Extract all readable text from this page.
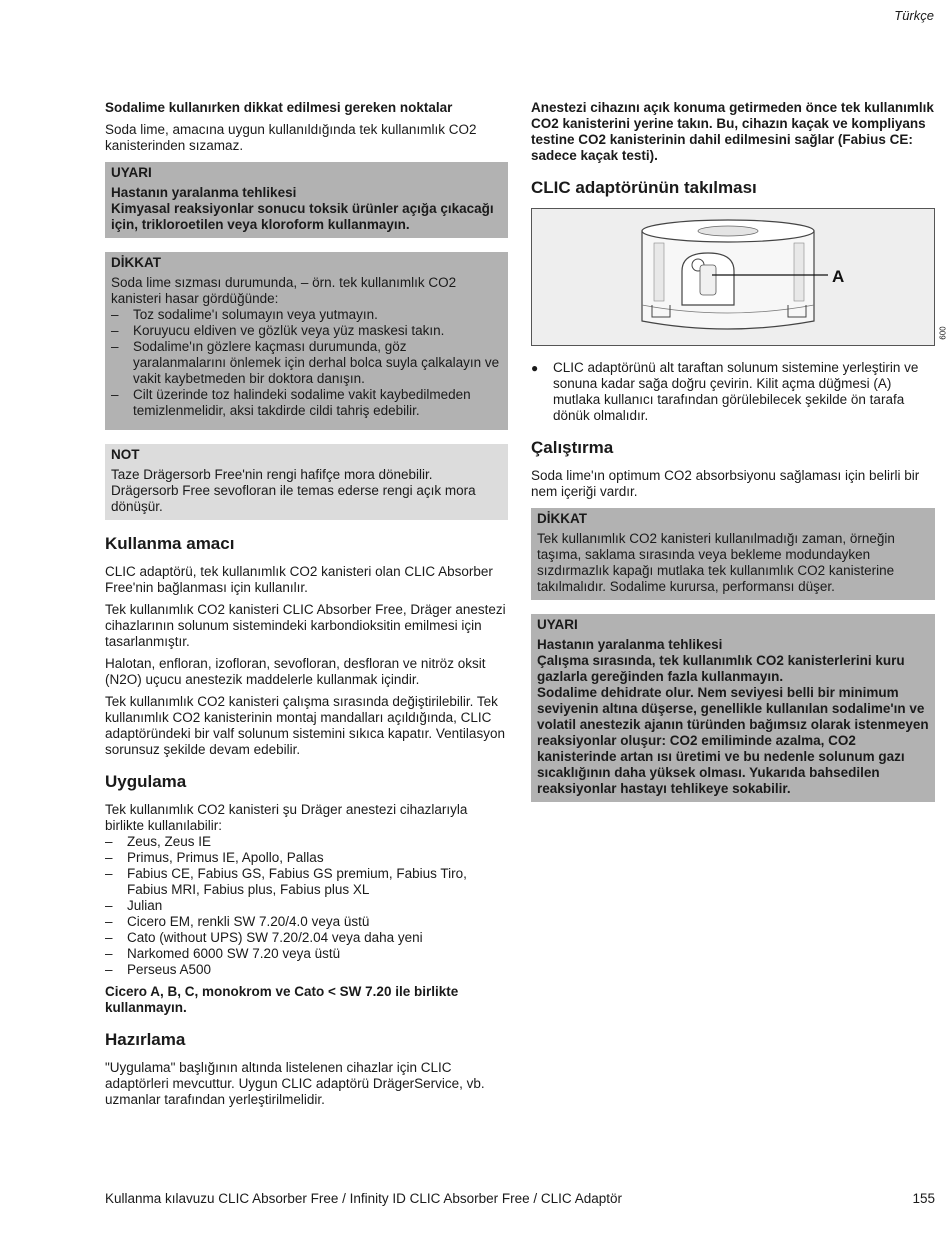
Türkçe
Sodalime kullanırken dikkat edilmesi gereken noktalar

Soda lime, amacına uygun kullanıldığında tek kullanımlık CO2 kanisterinden sızamaz.

UYARI
Hastanın yaralanma tehlikesi
Kimyasal reaksiyonlar sonucu toksik ürünler açığa çıkacağı için, trikloroetilen veya kloroform kullanmayın.
DİKKAT
Soda lime sızması durumunda, – örn. tek kullanımlık CO2 kanisteri hasar gördüğünde:
– Toz sodalime'ı solumayın veya yutmayın.
– Koruyucu eldiven ve gözlük veya yüz maskesi takın.
– Sodalime'ın gözlere kaçması durumunda, göz yaralanmalarını önlemek için derhal bolca suyla çalkalayın ve vakit kaybetmeden bir doktora danışın.
– Cilt üzerinde toz halindeki sodalime vakit kaybedilmeden temizlenmelidir, aksi takdirde cildi tahriş edebilir.
NOT
Taze Drägersorb Free'nin rengi hafifçe mora dönebilir. Drägersorb Free sevofloran ile temas ederse rengi açık mora dönüşür.
Kullanma amacı

CLIC adaptörü, tek kullanımlık CO2 kanisteri olan CLIC Absorber Free'nin bağlanması için kullanılır.

Tek kullanımlık CO2 kanisteri CLIC Absorber Free, Dräger anestezi cihazlarının solunum sistemindeki karbondioksitin emilmesi için tasarlanmıştır.

Halotan, enfloran, izofloran, sevofloran, desfloran ve nitröz oksit (N2O) uçucu anestezik maddelerle kullanmak içindir.

Tek kullanımlık CO2 kanisteri çalışma sırasında değiştirilebilir. Tek kullanımlık CO2 kanisterinin montaj mandalları açıldığında, CLIC adaptöründeki bir valf solunum sistemini sıkıca kapatır. Ventilasyon sorunsuz şekilde devam edebilir.

Uygulama
Tek kullanımlık CO2 kanisteri şu Dräger anestezi cihazlarıyla birlikte kullanılabilir:
– Zeus, Zeus IE
– Primus, Primus IE, Apollo, Pallas
– Fabius CE, Fabius GS, Fabius GS premium, Fabius Tiro, Fabius MRI, Fabius plus, Fabius plus XL
– Julian
– Cicero EM, renkli SW 7.20/4.0 veya üstü
– Cato (without UPS) SW 7.20/2.04 veya daha yeni
– Narkomed 6000 SW 7.20 veya üstü
– Perseus A500

Cicero A, B, C, monokrom ve Cato < SW 7.20 ile birlikte kullanmayın.

Hazırlama

"Uygulama" başlığının altında listelenen cihazlar için CLIC adaptörleri mevcuttur. Uygun CLIC adaptörü DrägerService, vb. uzmanlar tarafından yerleştirilmelidir.

Anestezi cihazını açık konuma getirmeden önce tek kullanımlık CO2 kanisterini yerine takın. Bu, cihazın kaçak ve kompliyans testine CO2 kanisterinin dahil edilmesini sağlar (Fabius CE: sadece kaçak testi).

CLIC adaptörünün takılması
A
009
● CLIC adaptörünü alt taraftan solunum sistemine yerleştirin ve sonuna kadar sağa doğru çevirin. Kilit açma düğmesi (A) mutlaka kullanıcı tarafından görülebilecek şekilde ön tarafa dönük olmalıdır.
Çalıştırma

Soda lime'ın optimum CO2 absorbsiyonu sağlaması için belirli bir nem içeriği vardır.

DİKKAT
Tek kullanımlık CO2 kanisteri kullanılmadığı zaman, örneğin taşıma, saklama sırasında veya bekleme modundayken sızdırmazlık kapağı mutlaka tek kullanımlık CO2 kanisterine takılmalıdır. Sodalime kurursa, performansı düşer.
UYARI
Hastanın yaralanma tehlikesi
Çalışma sırasında, tek kullanımlık CO2 kanisterlerini kuru gazlarla gereğinden fazla kullanmayın.
Sodalime dehidrate olur. Nem seviyesi belli bir minimum seviyenin altına düşerse, genellikle kullanılan sodalime'ın ve volatil anestezik ajanın türünden bağımsız olarak istenmeyen reaksiyonlar oluşur: CO2 emiliminde azalma, CO2 kanisterinde artan ısı üretimi ve bu nedenle solunum gazı sıcaklığının daha yüksek olması. Yukarıda bahsedilen reaksiyonlar hastayı tehlikeye sokabilir.
Kullanma kılavuzu CLIC Absorber Free / Infinity ID CLIC Absorber Free / CLIC Adaptör	155
